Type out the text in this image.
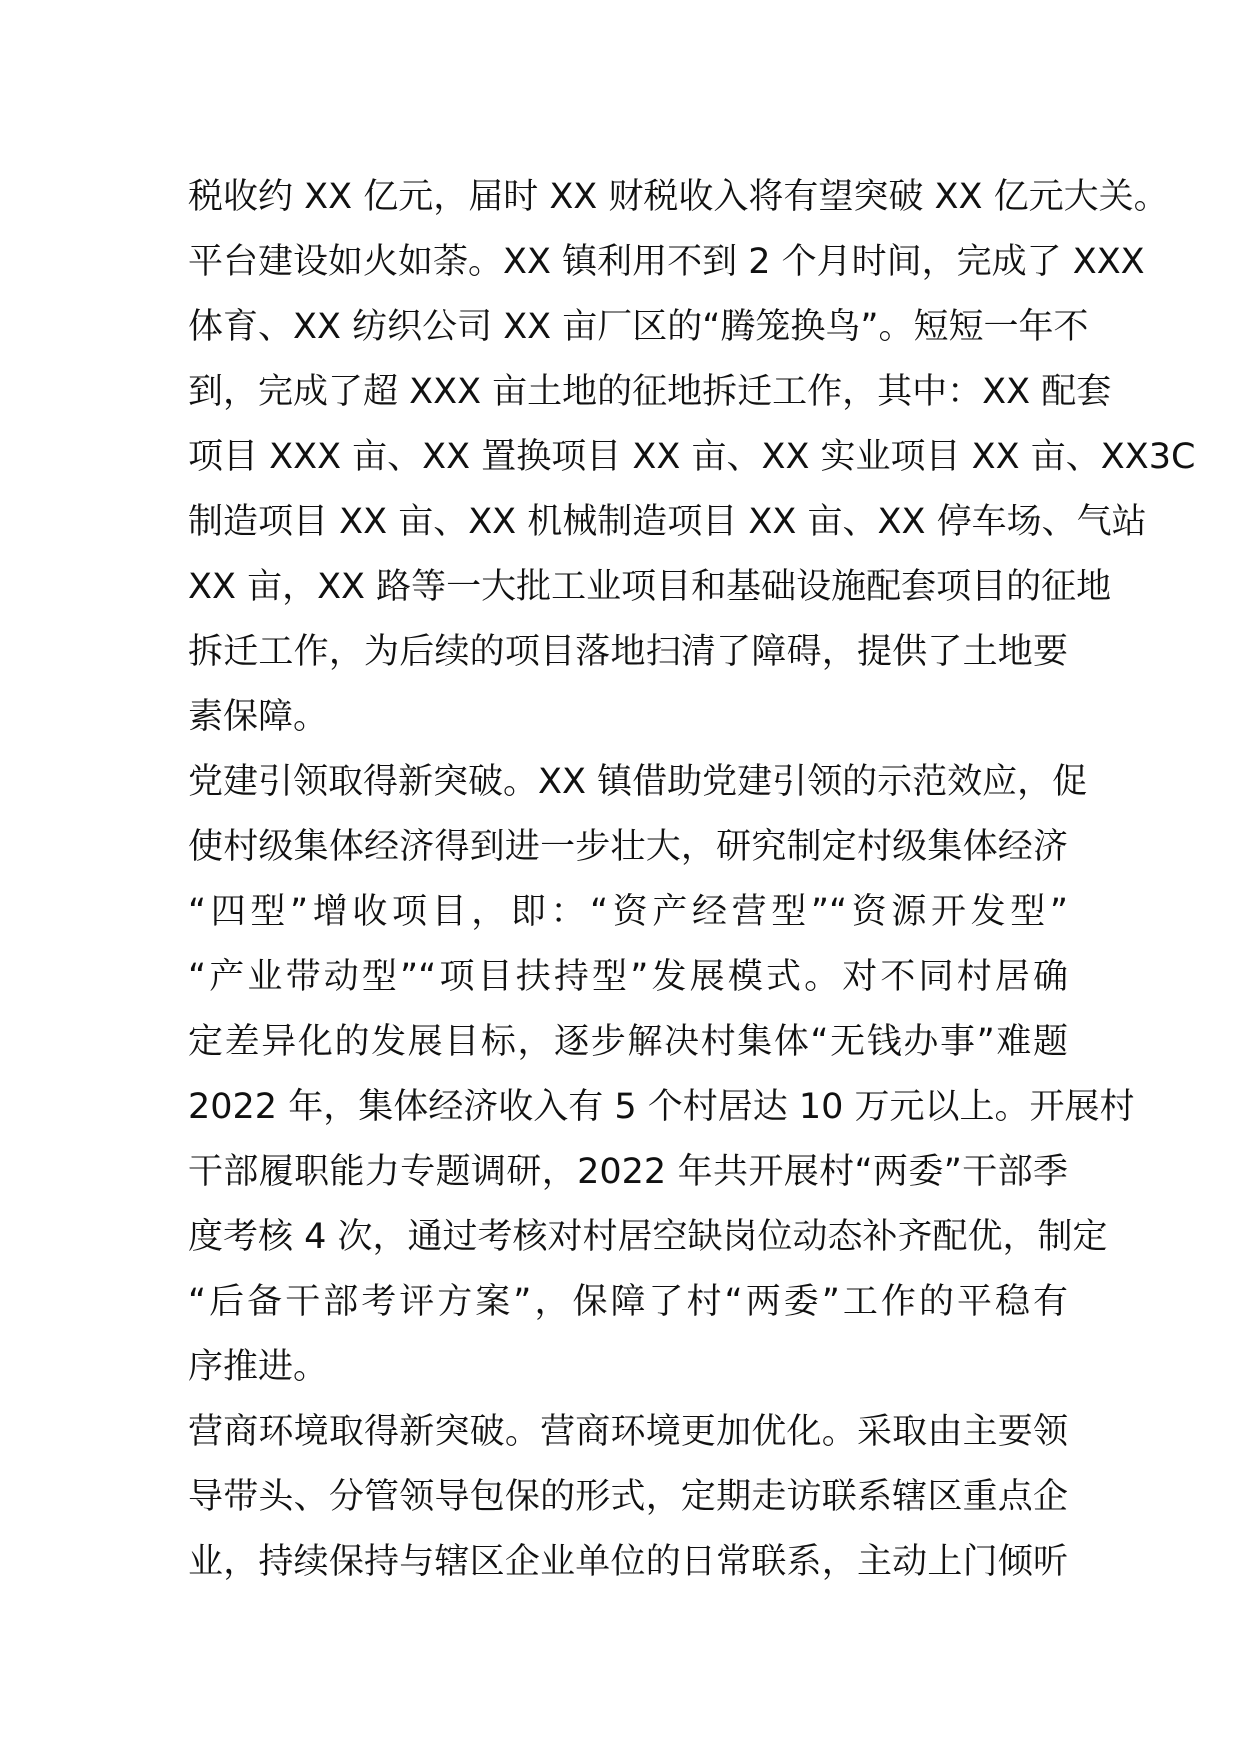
税收约 XX 亿元，届时 XX 财税收入将有望突破 XX 亿元大关。
平台建设如火如荼。XX 镇利用不到 2 个月时间，完成了 XXX
体育、XX 纺织公司 XX 亩厂区的“腾笼换鸟”。短短一年不
到，完成了超 XXX 亩土地的征地拆迁工作，其中：XX 配套
项目 XXX 亩、XX 置换项目 XX 亩、XX 实业项目 XX 亩、XX3C
制造项目 XX 亩、XX 机械制造项目 XX 亩、XX 停车场、气站
XX 亩，XX 路等一大批工业项目和基础设施配套项目的征地
拆迁工作，为后续的项目落地扫清了障碍，提供了土地要
素保障。
党建引领取得新突破。XX 镇借助党建引领的示范效应，促
使村级集体经济得到进一步壮大，研究制定村级集体经济
“四型”增收项目，即：“资产经营型”“资源开发型”
“产业带动型”“项目扶持型”发展模式。对不同村居确
定差异化的发展目标，逐步解决村集体“无钱办事”难题
2022 年，集体经济收入有 5 个村居达 10 万元以上。开展村
干部履职能力专题调研，2022 年共开展村“两委”干部季
度考核 4 次，通过考核对村居空缺岗位动态补齐配优，制定
“后备干部考评方案”，保障了村“两委”工作的平稳有
序推进。
营商环境取得新突破。营商环境更加优化。采取由主要领
导带头、分管领导包保的形式，定期走访联系辖区重点企
业，持续保持与辖区企业单位的日常联系，主动上门倾听
